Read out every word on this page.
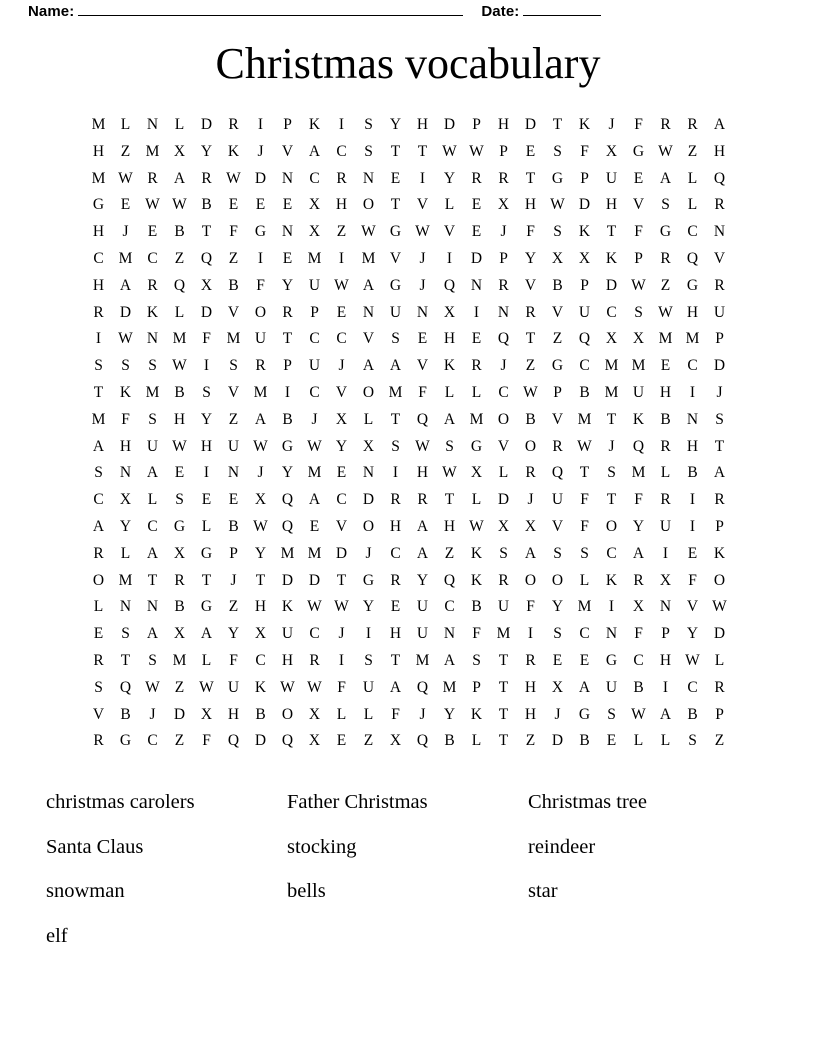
Name:	Date:
Christmas vocabulary
M	L	N	L	D	R	I	P	K	I	S	Y	H	D	P	H	D	T	K	J	F	R	R	A
H	Z	M	X	Y	K	J	V	A	C	S	T	T	W	W	P	E	S	F	X	G	W	Z	H
M	W	R	A	R	W	D	N	C	R	N	E	I	Y	R	R	T	G	P	U	E	A	L	Q
G	E	W	W	B	E	E	E	X	H	O	T	V	L	E	X	H	W	D	H	V	S	L	R
H	J	E	B	T	F	G	N	X	Z	W	G	W	V	E	J	F	S	K	T	F	G	C	N
C	M	C	Z	Q	Z	I	E	M	I	M	V	J	I	D	P	Y	X	X	K	P	R	Q	V
H	A	R	Q	X	B	F	Y	U	W	A	G	J	Q	N	R	V	B	P	D	W	Z	G	R
R	D	K	L	D	V	O	R	P	E	N	U	N	X	I	N	R	V	U	C	S	W	H	U
I	W	N	M	F	M	U	T	C	C	V	S	E	H	E	Q	T	Z	Q	X	X	M	M	P
S	S	S	W	I	S	R	P	U	J	A	A	V	K	R	J	Z	G	C	M	M	E	C	D
T	K	M	B	S	V	M	I	C	V	O	M	F	L	L	C	W	P	B	M	U	H	I	J
M	F	S	H	Y	Z	A	B	J	X	L	T	Q	A	M	O	B	V	M	T	K	B	N	S
A	H	U	W	H	U	W	G	W	Y	X	S	W	S	G	V	O	R	W	J	Q	R	H	T
S	N	A	E	I	N	J	Y	M	E	N	I	H	W	X	L	R	Q	T	S	M	L	B	A
C	X	L	S	E	E	X	Q	A	C	D	R	R	T	L	D	J	U	F	T	F	R	I	R
A	Y	C	G	L	B	W	Q	E	V	O	H	A	H	W	X	X	V	F	O	Y	U	I	P
R	L	A	X	G	P	Y	M	M	D	J	C	A	Z	K	S	A	S	S	C	A	I	E	K
O	M	T	R	T	J	T	D	D	T	G	R	Y	Q	K	R	O	O	L	K	R	X	F	O
L	N	N	B	G	Z	H	K	W	W	Y	E	U	C	B	U	F	Y	M	I	X	N	V	W
E	S	A	X	A	Y	X	U	C	J	I	H	U	N	F	M	I	S	C	N	F	P	Y	D
R	T	S	M	L	F	C	H	R	I	S	T	M	A	S	T	R	E	E	G	C	H	W	L
S	Q	W	Z	W	U	K	W	W	F	U	A	Q	M	P	T	H	X	A	U	B	I	C	R
V	B	J	D	X	H	B	O	X	L	L	F	J	Y	K	T	H	J	G	S	W	A	B	P
R	G	C	Z	F	Q	D	Q	X	E	Z	X	Q	B	L	T	Z	D	B	E	L	L	S	Z
christmas carolers	Father Christmas	Christmas tree
Santa Claus	stocking	reindeer
snowman	bells	star
elf
